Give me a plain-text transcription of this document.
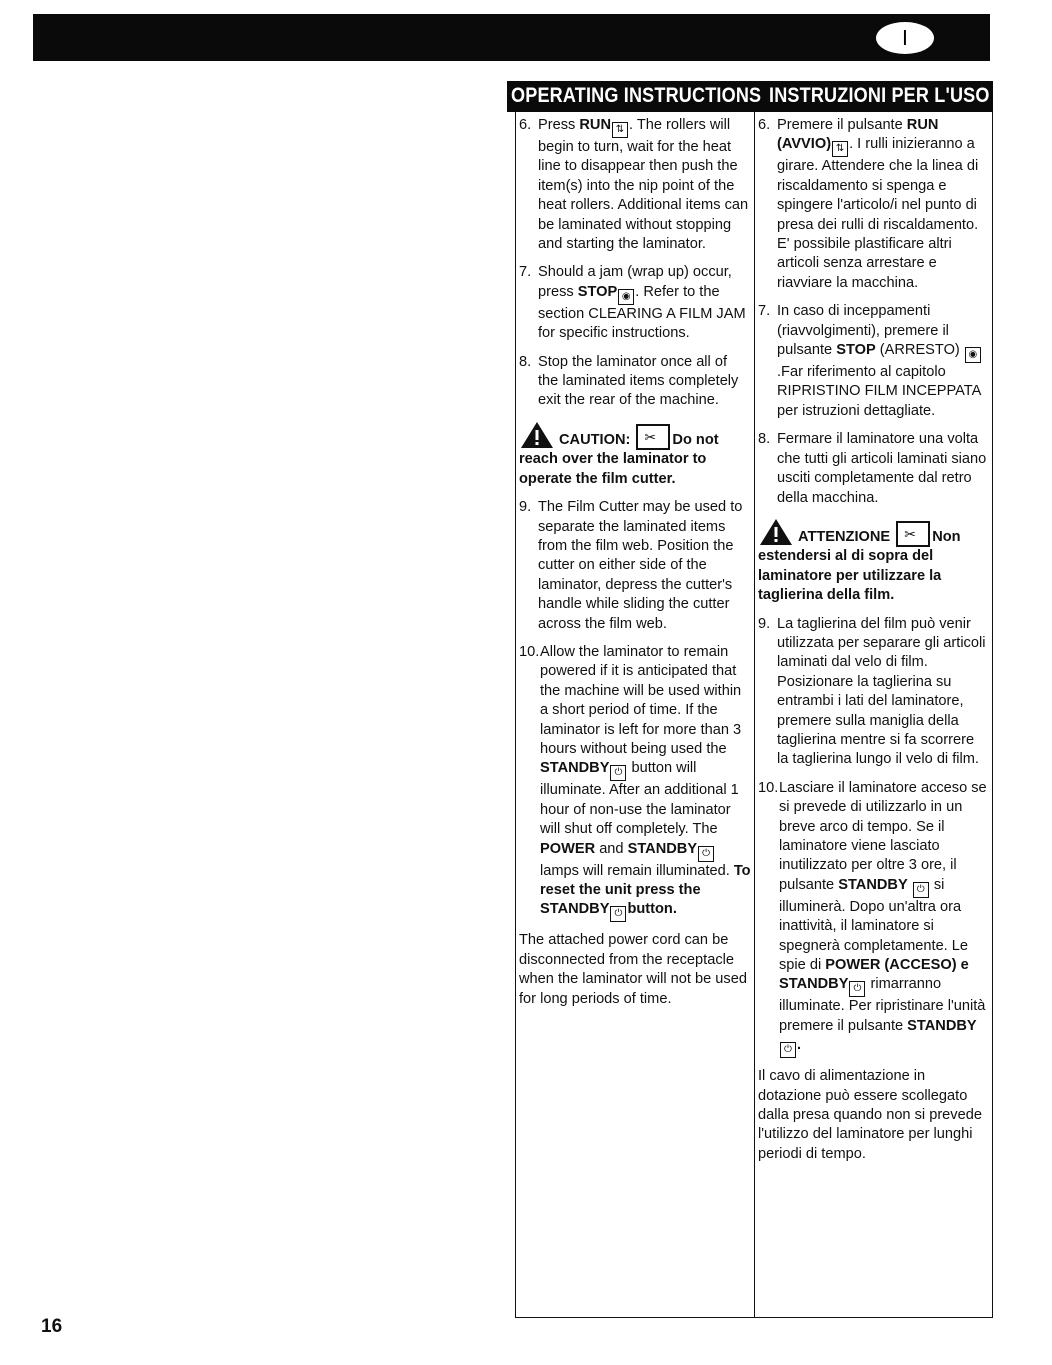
I
OPERATING INSTRUCTIONS INSTRUZIONI PER L'USO
6. Press RUN ⇅ . The rollers will begin to turn, wait for the heat line to disappear then push the item(s) into the nip point of the heat rollers. Additional items can be laminated without stopping and starting the laminator.
7. Should a jam (wrap up) occur, press STOP ◉ . Refer to the section CLEARING A FILM JAM for specific instructions.
8. Stop the laminator once all of the laminated items completely exit the rear of the machine.
CAUTION: ✂ Do not reach over the laminator to operate the film cutter.
9. The Film Cutter may be used to separate the laminated items from the film web. Position the cutter on either side of the laminator, depress the cutter's handle while sliding the cutter across the film web.
10. Allow the laminator to remain powered if it is anticipated that the machine will be used within a short period of time. If the laminator is left for more than 3 hours without being used the STANDBY ⏻ button will illuminate. After an additional 1 hour of non-use the laminator will shut off completely. The POWER and STANDBY ⏻ lamps will remain illuminated. To reset the unit press the STANDBY ⏻ button.
The attached power cord can be disconnected from the receptacle when the laminator will not be used for long periods of time.
6. Premere il pulsante RUN (AVVIO) ⇅ . I rulli inizieranno a girare. Attendere che la linea di riscaldamento si spenga e spingere l'articolo/i nel punto di presa dei rulli di riscaldamento. E' possibile plastificare altri articoli senza arrestare e riavviare la macchina.
7. In caso di inceppamenti (riavvolgimenti), premere il pulsante STOP (ARRESTO) ◉.Far riferimento al capitolo RIPRISTINO FILM INCEPPATA per istruzioni dettagliate.
8. Fermare il laminatore una volta che tutti gli articoli laminati siano usciti completamente dal retro della macchina.
ATTENZIONE ✂ Non estendersi al di sopra del laminatore per utilizzare la taglierina della film.
9. La taglierina del film può venir utilizzata per separare gli articoli laminati dal velo di film. Posizionare la taglierina su entrambi i lati del laminatore, premere sulla maniglia della taglierina mentre si fa scorrere la taglierina lungo il velo di film.
10. Lasciare il laminatore acceso se si prevede di utilizzarlo in un breve arco di tempo. Se il laminatore viene lasciato inutilizzato per oltre 3 ore, il pulsante STANDBY ⏻ si illuminerà. Dopo un'altra ora inattività, il laminatore si spegnerà completamente. Le spie di POWER (ACCESO) e STANDBY ⏻ rimarranno illuminate. Per ripristinare l'unità premere il pulsante STANDBY⏻ .
Il cavo di alimentazione in dotazione può essere scollegato dalla presa quando non si prevede l'utilizzo del laminatore per lunghi periodi di tempo.
16
